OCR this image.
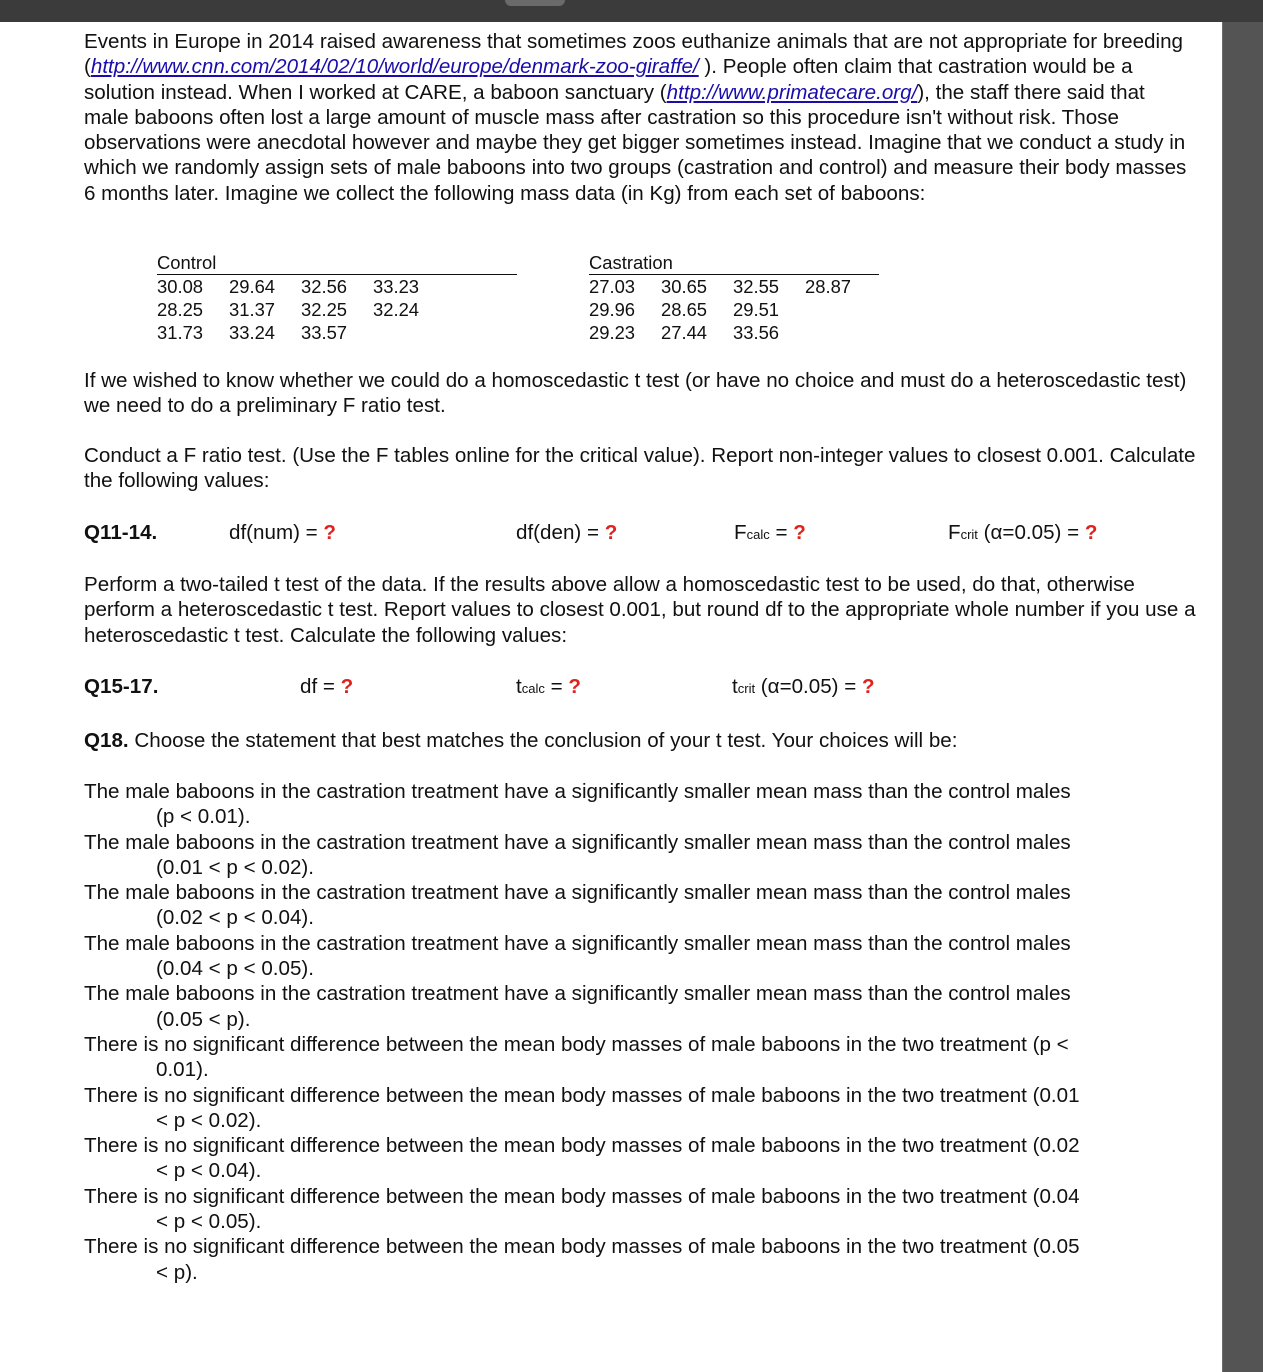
Events in Europe in 2014 raised awareness that sometimes zoos euthanize animals that are not appropriate for breeding (http://www.cnn.com/2014/02/10/world/europe/denmark-zoo-giraffe/ ). People often claim that castration would be a solution instead. When I worked at CARE, a baboon sanctuary (http://www.primatecare.org/), the staff there said that male baboons often lost a large amount of muscle mass after castration so this procedure isn't without risk. Those observations were anecdotal however and maybe they get bigger sometimes instead. Imagine that we conduct a study in which we randomly assign sets of male baboons into two groups (castration and control) and measure their body masses 6 months later. Imagine we collect the following mass data (in Kg) from each set of baboons:

Control
30.08	29.64	32.56	33.23
28.25	31.37	32.25	32.24
31.73	33.24	33.57
Castration
27.03	30.65	32.55	28.87
29.96	28.65	29.51
29.23	27.44	33.56

If we wished to know whether we could do a homoscedastic t test (or have no choice and must do a heteroscedastic test) we need to do a preliminary F ratio test.

Conduct a F ratio test. (Use the F tables online for the critical value). Report non-integer values to closest 0.001. Calculate the following values:

Q11-14.	df(num) = ?	df(den) = ?	Fcalc = ?	Fcrit (α=0.05) = ?

Perform a two-tailed t test of the data. If the results above allow a homoscedastic test to be used, do that, otherwise perform a heteroscedastic t test. Report values to closest 0.001, but round df to the appropriate whole number if you use a heteroscedastic t test. Calculate the following values:

Q15-17.	df = ?	tcalc = ?	tcrit (α=0.05) = ?
Q18. Choose the statement that best matches the conclusion of your t test. Your choices will be:
The male baboons in the castration treatment have a significantly smaller mean mass than the control males (p < 0.01).
The male baboons in the castration treatment have a significantly smaller mean mass than the control males (0.01 < p < 0.02).
The male baboons in the castration treatment have a significantly smaller mean mass than the control males (0.02 < p < 0.04).
The male baboons in the castration treatment have a significantly smaller mean mass than the control males (0.04 < p < 0.05).
The male baboons in the castration treatment have a significantly smaller mean mass than the control males (0.05 < p).
There is no significant difference between the mean body masses of male baboons in the two treatment (p < 0.01).
There is no significant difference between the mean body masses of male baboons in the two treatment (0.01 < p < 0.02).
There is no significant difference between the mean body masses of male baboons in the two treatment (0.02 < p < 0.04).
There is no significant difference between the mean body masses of male baboons in the two treatment (0.04 < p < 0.05).
There is no significant difference between the mean body masses of male baboons in the two treatment (0.05 < p).
